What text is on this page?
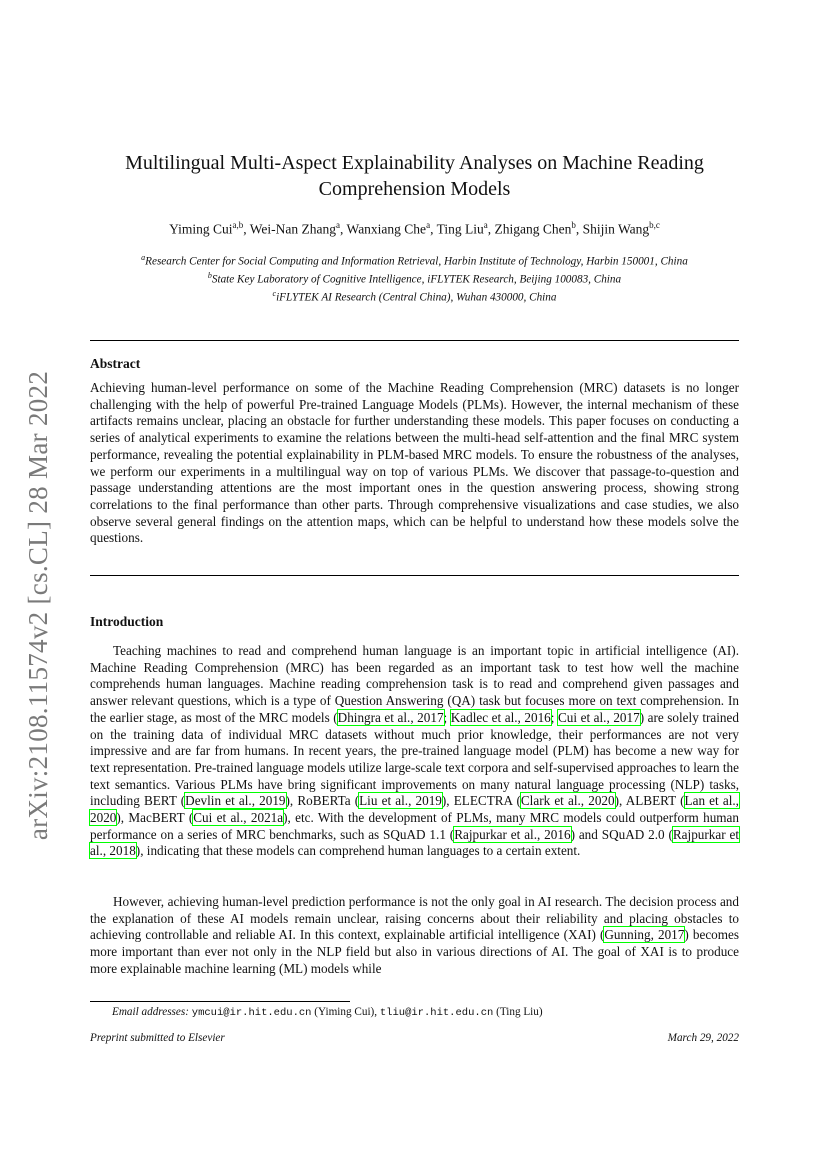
arXiv:2108.11574v2 [cs.CL] 28 Mar 2022
Multilingual Multi-Aspect Explainability Analyses on Machine Reading
Comprehension Models
Yiming Cui$^{a,b}$, Wei-Nan Zhang$^a$, Wanxiang Che$^a$, Ting Liu$^a$, Zhigang Chen$^b$, Shijin Wang$^{b,c}$
$^a$Research Center for Social Computing and Information Retrieval, Harbin Institute of Technology, Harbin 150001, China
$^b$State Key Laboratory of Cognitive Intelligence, iFLYTEK Research, Beijing 100083, China
$^c$iFLYTEK AI Research (Central China), Wuhan 430000, China
Abstract

Achieving human-level performance on some of the Machine Reading Comprehension (MRC) datasets is no longer challenging with the help of powerful Pre-trained Language Models (PLMs). However, the internal mechanism of these artifacts remains unclear, placing an obstacle for further understanding these models. This paper focuses on conducting a series of analytical experiments to examine the relations between the multi-head self-attention and the final MRC system performance, revealing the potential explainability in PLM-based MRC models. To ensure the robustness of the analyses, we perform our experiments in a multilingual way on top of various PLMs. We discover that passage-to-question and passage understanding attentions are the most important ones in the question answering process, showing strong correlations to the final performance than other parts. Through comprehensive visualizations and case studies, we also observe several general findings on the attention maps, which can be helpful to understand how these models solve the questions.

Introduction

Teaching machines to read and comprehend human language is an important topic in artificial intelligence (AI). Machine Reading Comprehension (MRC) has been regarded as an important task to test how well the machine comprehends human languages. Machine reading comprehension task is to read and comprehend given passages and answer relevant questions, which is a type of Question Answering (QA) task but focuses more on text comprehension. In the earlier stage, as most of the MRC models (Dhingra et al., 2017; Kadlec et al., 2016; Cui et al., 2017) are solely trained on the training data of individual MRC datasets without much prior knowledge, their performances are not very impressive and are far from humans. In recent years, the pre-trained language model (PLM) has become a new way for text representation. Pre-trained language models utilize large-scale text corpora and self-supervised approaches to learn the text semantics. Various PLMs have bring significant improvements on many natural language processing (NLP) tasks, including BERT (Devlin et al., 2019), RoBERTa (Liu et al., 2019), ELECTRA (Clark et al., 2020), ALBERT (Lan et al., 2020), MacBERT (Cui et al., 2021a), etc. With the development of PLMs, many MRC models could outperform human performance on a series of MRC benchmarks, such as SQuAD 1.1 (Rajpurkar et al., 2016) and SQuAD 2.0 (Rajpurkar et al., 2018), indicating that these models can comprehend human languages to a certain extent.

However, achieving human-level prediction performance is not the only goal in AI research. The decision process and the explanation of these AI models remain unclear, raising concerns about their reliability and placing obstacles to achieving controllable and reliable AI. In this context, explainable artificial intelligence (XAI) (Gunning, 2017) becomes more important than ever not only in the NLP field but also in various directions of AI. The goal of XAI is to produce more explainable machine learning (ML) models while

Email addresses: ymcui@ir.hit.edu.cn (Yiming Cui), tliu@ir.hit.edu.cn (Ting Liu)
Preprint submitted to Elsevier	March 29, 2022
